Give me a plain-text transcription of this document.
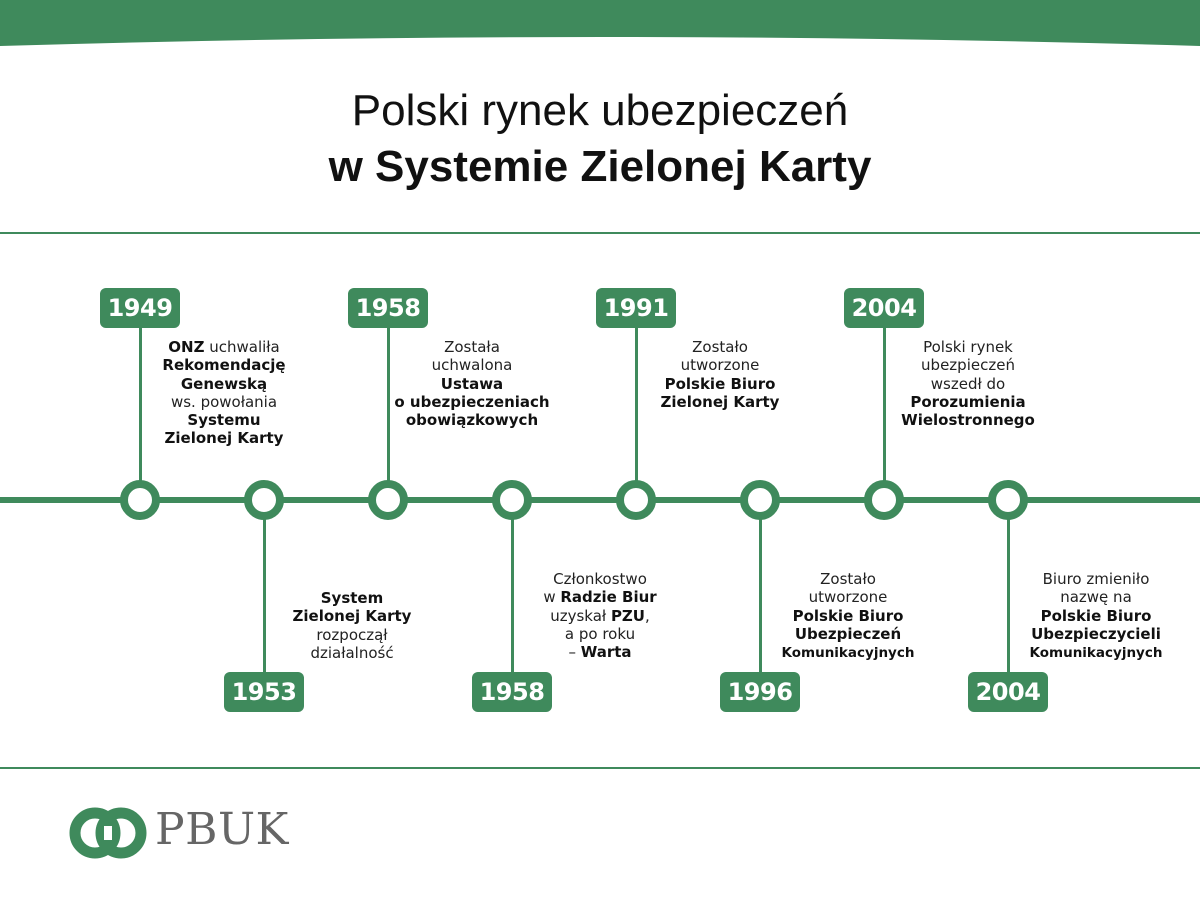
Polski rynek ubezpieczeń
w Systemie Zielonej Karty
1949
ONZ uchwaliła
Rekomendację
Genewską
ws. powołania
Systemu
Zielonej Karty
1953
System
Zielonej Karty
rozpoczął
działalność
1958
Została
uchwalona
Ustawa
o ubezpieczeniach
obowiązkowych
1958
Członkostwo
w Radzie Biur
uzyskał PZU,
a po roku
– Warta
1991
Zostało
utworzone
Polskie Biuro
Zielonej Karty
1996
Zostało
utworzone
Polskie Biuro
Ubezpieczeń
Komunikacyjnych
2004
Polski rynek
ubezpieczeń
wszedł do
Porozumienia
Wielostronnego
2004
Biuro zmieniło
nazwę na
Polskie Biuro
Ubezpieczycieli
Komunikacyjnych
PBUK
